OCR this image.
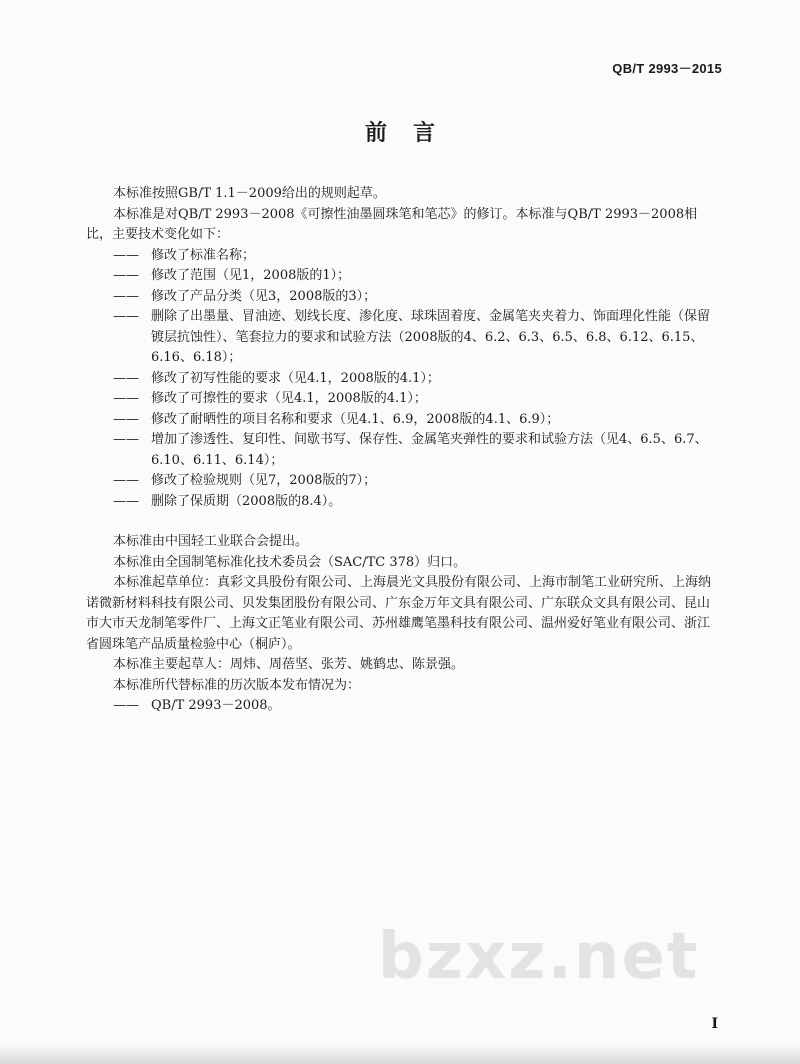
QB/T 2993－2015
前言

本标准按照GB/T 1.1－2009给出的规则起草。

本标准是对QB/T 2993－2008《可擦性油墨圆珠笔和笔芯》的修订。本标准与QB/T 2993－2008相比，主要技术变化如下：

—— 修改了标准名称；
—— 修改了范围（见1，2008版的1）；
—— 修改了产品分类（见3，2008版的3）；
—— 删除了出墨量、冒油迹、划线长度、渗化度、球珠固着度、金属笔夹夹着力、饰面理化性能（保留镀层抗蚀性）、笔套拉力的要求和试验方法（2008版的4、6.2、6.3、6.5、6.8、6.12、6.15、6.16、6.18）；
—— 修改了初写性能的要求（见4.1，2008版的4.1）；
—— 修改了可擦性的要求（见4.1，2008版的4.1）；
—— 修改了耐晒性的项目名称和要求（见4.1、6.9，2008版的4.1、6.9）；
—— 增加了渗透性、复印性、间歇书写、保存性、金属笔夹弹性的要求和试验方法（见4、6.5、6.7、6.10、6.11、6.14）；
—— 修改了检验规则（见7，2008版的7）；
—— 删除了保质期（2008版的8.4）。

本标准由中国轻工业联合会提出。

本标准由全国制笔标准化技术委员会（SAC/TC 378）归口。

本标准起草单位：真彩文具股份有限公司、上海晨光文具股份有限公司、上海市制笔工业研究所、上海纳诺微新材料科技有限公司、贝发集团股份有限公司、广东金万年文具有限公司、广东联众文具有限公司、昆山市大市天龙制笔零件厂、上海文正笔业有限公司、苏州雄鹰笔墨科技有限公司、温州爱好笔业有限公司、浙江省圆珠笔产品质量检验中心（桐庐）。

本标准主要起草人：周炜、周蓓坚、张芳、姚鹤忠、陈景强。

本标准所代替标准的历次版本发布情况为：

—— QB/T 2993－2008。
bzxz.net
I
